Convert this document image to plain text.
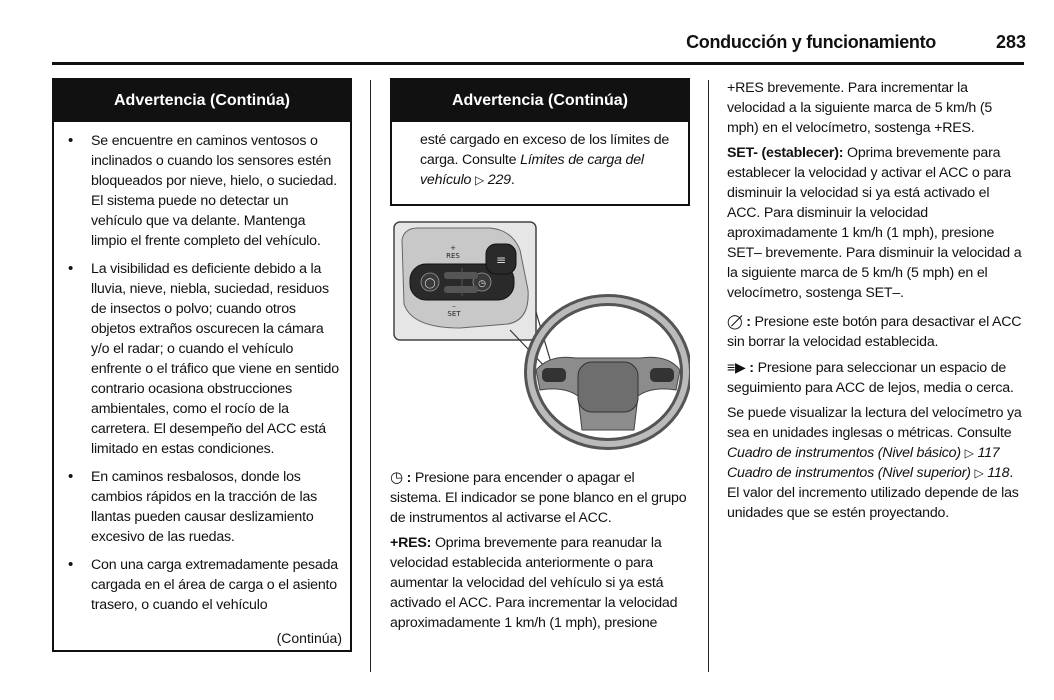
Conducción y funcionamiento	283
Advertencia (Continúa)
• Se encuentre en caminos ventosos o inclinados o cuando los sensores estén bloqueados por nieve, hielo, o suciedad. El sistema puede no detectar un vehículo que va delante. Mantenga limpio el frente completo del vehículo.
• La visibilidad es deficiente debido a la lluvia, nieve, niebla, suciedad, residuos de insectos o polvo; cuando otros objetos extraños oscurecen la cámara y/o el radar; o cuando el vehículo enfrente o el tráfico que viene en sentido contrario ocasiona obstrucciones ambientales, como el rocío de la carretera. El desempeño del ACC está limitado en estas condiciones.
• En caminos resbalosos, donde los cambios rápidos en la tracción de las llantas pueden causar deslizamiento excesivo de las ruedas.
• Con una carga extremadamente pesada cargada en el área de carga o el asiento trasero, o cuando el vehículo
(Continúa)
Advertencia (Continúa)

esté cargado en exceso de los límites de carga. Consulte Límites de carga del vehículo ▷ 229.

◯	◷
≡
+
RES
SET
–

◷ : Presione para encender o apagar el sistema. El indicador se pone blanco en el grupo de instrumentos al activarse el ACC.

+RES: Oprima brevemente para reanudar la velocidad establecida anteriormente o para aumentar la velocidad del vehículo si ya está activado el ACC. Para incrementar la velocidad aproximadamente 1 km/h (1 mph), presione

+RES brevemente. Para incrementar la velocidad a la siguiente marca de 5 km/h (5 mph) en el velocímetro, sostenga +RES.

SET- (establecer): Oprima brevemente para establecer la velocidad y activar el ACC o para disminuir la velocidad si ya está activado el ACC. Para disminuir la velocidad aproximadamente 1 km/h (1 mph), presione SET– brevemente. Para disminuir la velocidad a la siguiente marca de 5 km/h (5 mph) en el velocímetro, sostenga SET–.

◯̸ : Presione este botón para desactivar el ACC sin borrar la velocidad establecida.

≡▶ : Presione para seleccionar un espacio de seguimiento para ACC de lejos, media o cerca.

Se puede visualizar la lectura del velocímetro ya sea en unidades inglesas o métricas. Consulte Cuadro de instrumentos (Nivel básico) ▷ 117 Cuadro de instrumentos (Nivel superior) ▷ 118. El valor del incremento utilizado depende de las unidades que se estén proyectando.
